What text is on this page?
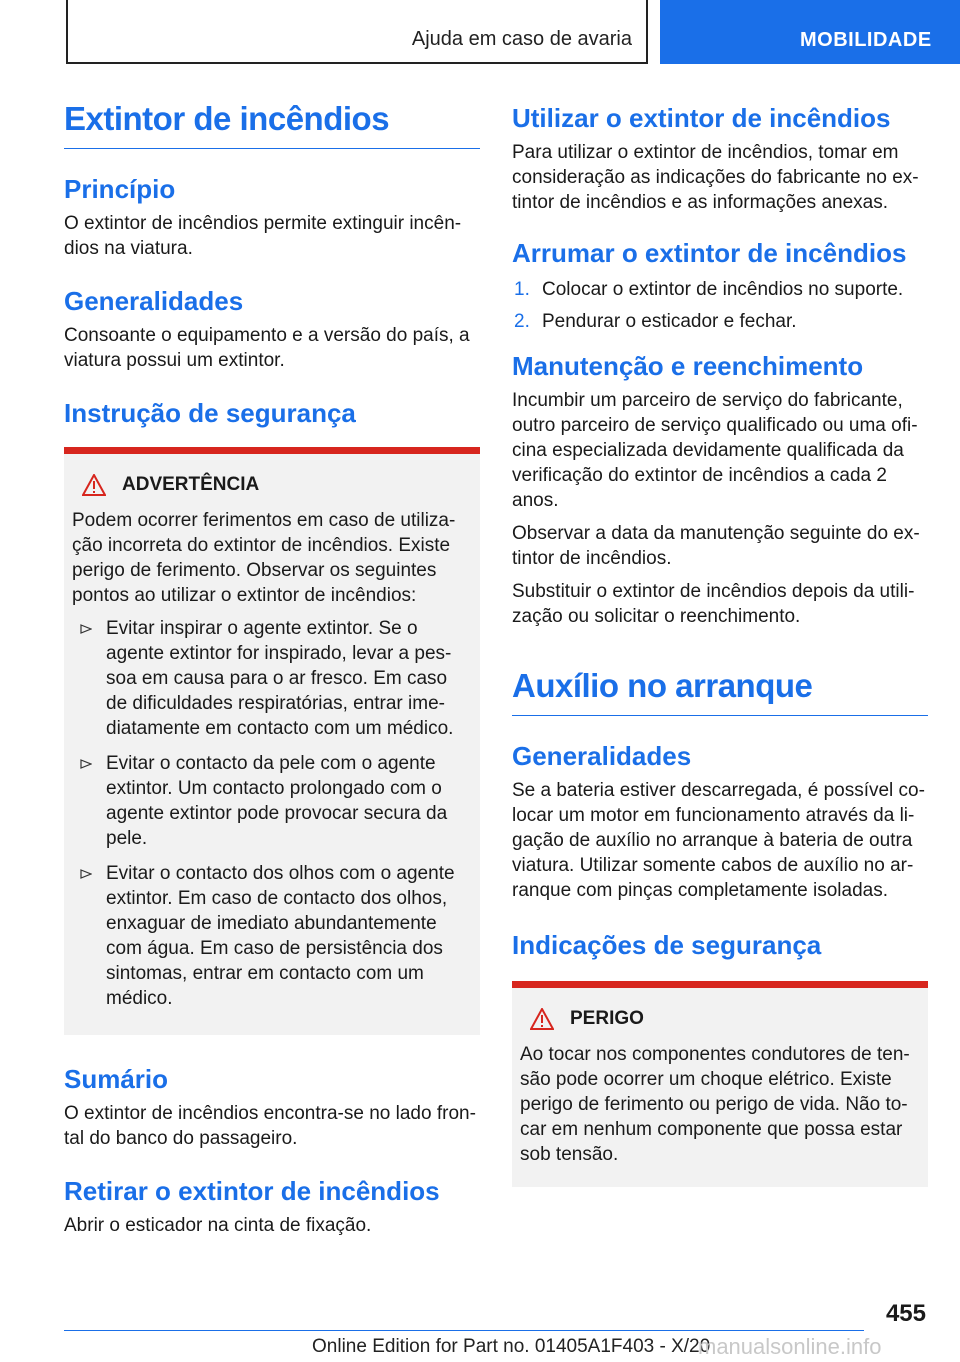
Ajuda em caso de avaria	MOBILIDADE
Extintor de incêndios
Princípio

O extintor de incêndios permite extinguir incên-dios na viatura.

Generalidades

Consoante o equipamento e a versão do país, a viatura possui um extintor.

Instrução de segurança
ADVERTÊNCIA

Podem ocorrer ferimentos em caso de utiliza-ção incorreta do extintor de incêndios. Existe perigo de ferimento. Observar os seguintes pontos ao utilizar o extintor de incêndios:

Evitar inspirar o agente extintor. Se o agente extintor for inspirado, levar a pes-soa em causa para o ar fresco. Em caso de dificuldades respiratórias, entrar ime-diatamente em contacto com um médico.
Evitar o contacto da pele com o agente extintor. Um contacto prolongado com o agente extintor pode provocar secura da pele.
Evitar o contacto dos olhos com o agente extintor. Em caso de contacto dos olhos, enxaguar de imediato abundantemente com água. Em caso de persistência dos sintomas, entrar em contacto com um médico.
Sumário

O extintor de incêndios encontra-se no lado fron-tal do banco do passageiro.

Retirar o extintor de incêndios

Abrir o esticador na cinta de fixação.

Utilizar o extintor de incêndios

Para utilizar o extintor de incêndios, tomar em consideração as indicações do fabricante no ex-tintor de incêndios e as informações anexas.

Arrumar o extintor de incêndios
1. Colocar o extintor de incêndios no suporte.
2. Pendurar o esticador e fechar.
Manutenção e reenchimento

Incumbir um parceiro de serviço do fabricante, outro parceiro de serviço qualificado ou uma ofi-cina especializada devidamente qualificada da verificação do extintor de incêndios a cada 2 anos.

Observar a data da manutenção seguinte do ex-tintor de incêndios.

Substituir o extintor de incêndios depois da utili-zação ou solicitar o reenchimento.

Auxílio no arranque
Generalidades

Se a bateria estiver descarregada, é possível co-locar um motor em funcionamento através da li-gação de auxílio no arranque à bateria de outra viatura. Utilizar somente cabos de auxílio no ar-ranque com pinças completamente isoladas.

Indicações de segurança
PERIGO

Ao tocar nos componentes condutores de ten-são pode ocorrer um choque elétrico. Existe perigo de ferimento ou perigo de vida. Não to-car em nenhum componente que possa estar sob tensão.

455
Online Edition for Part no. 01405A1F403 - X/20
manualsonline.info
